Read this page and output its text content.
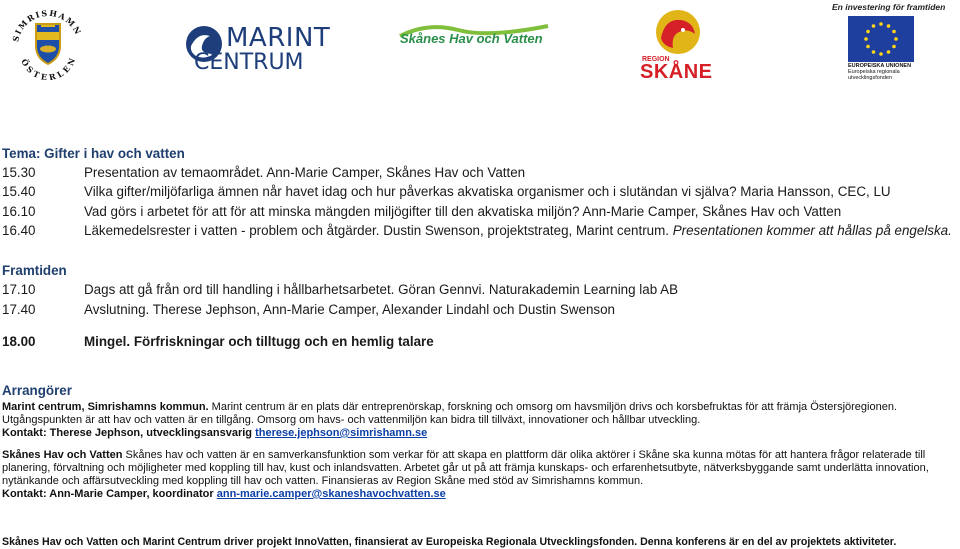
SIMRISHAMN
ÖSTERLEN
MARINT
CENTRUM
Skånes Hav och Vatten
REGION
SKÅNE
En investering för framtiden
EUROPEISKA UNIONEN
Europeiska regionala
utvecklingsfonden
Tema: Gifter i hav och vatten
15.30	Presentation av temaområdet. Ann-Marie Camper, Skånes Hav och Vatten
15.40	Vilka gifter/miljöfarliga ämnen når havet idag och hur påverkas akvatiska organismer och i slutändan vi själva? Maria Hansson, CEC, LU
16.10	Vad görs i arbetet för att för att minska mängden miljögifter till den akvatiska miljön? Ann-Marie Camper, Skånes Hav och Vatten
16.40	Läkemedelsrester i vatten - problem och åtgärder. Dustin Swenson, projektstrateg, Marint centrum. Presentationen kommer att hållas på engelska.
Framtiden
17.10	Dags att gå från ord till handling i hållbarhetsarbetet. Göran Gennvi. Naturakademin Learning lab AB
17.40	Avslutning. Therese Jephson, Ann-Marie Camper, Alexander Lindahl och Dustin Swenson
18.00	Mingel. Förfriskningar och tilltugg och en hemlig talare
Arrangörer
Marint centrum, Simrishamns kommun. Marint centrum är en plats där entreprenörskap, forskning och omsorg om havsmiljön drivs och korsbefruktas för att främja Östersjöregionen.
Utgångspunkten är att hav och vatten är en tillgång. Omsorg om havs- och vattenmiljön kan bidra till tillväxt, innovationer och hållbar utveckling.
Kontakt: Therese Jephson, utvecklingsansvarig therese.jephson@simrishamn.se
Skånes Hav och Vatten Skånes hav och vatten är en samverkansfunktion som verkar för att skapa en plattform där olika aktörer i Skåne ska kunna mötas för att hantera frågor relaterade till
planering, förvaltning och möjligheter med koppling till hav, kust och inlandsvatten. Arbetet går ut på att främja kunskaps- och erfarenhetsutbyte, nätverksbyggande samt underlätta innovation,
nytänkande och affärsutveckling med koppling till hav och vatten. Finansieras av Region Skåne med stöd av Simrishamns kommun.
Kontakt: Ann-Marie Camper, koordinator ann-marie.camper@skaneshavochvatten.se
Skånes Hav och Vatten och Marint Centrum driver projekt InnoVatten, finansierat av Europeiska Regionala Utvecklingsfonden. Denna konferens är en del av projektets aktiviteter.
